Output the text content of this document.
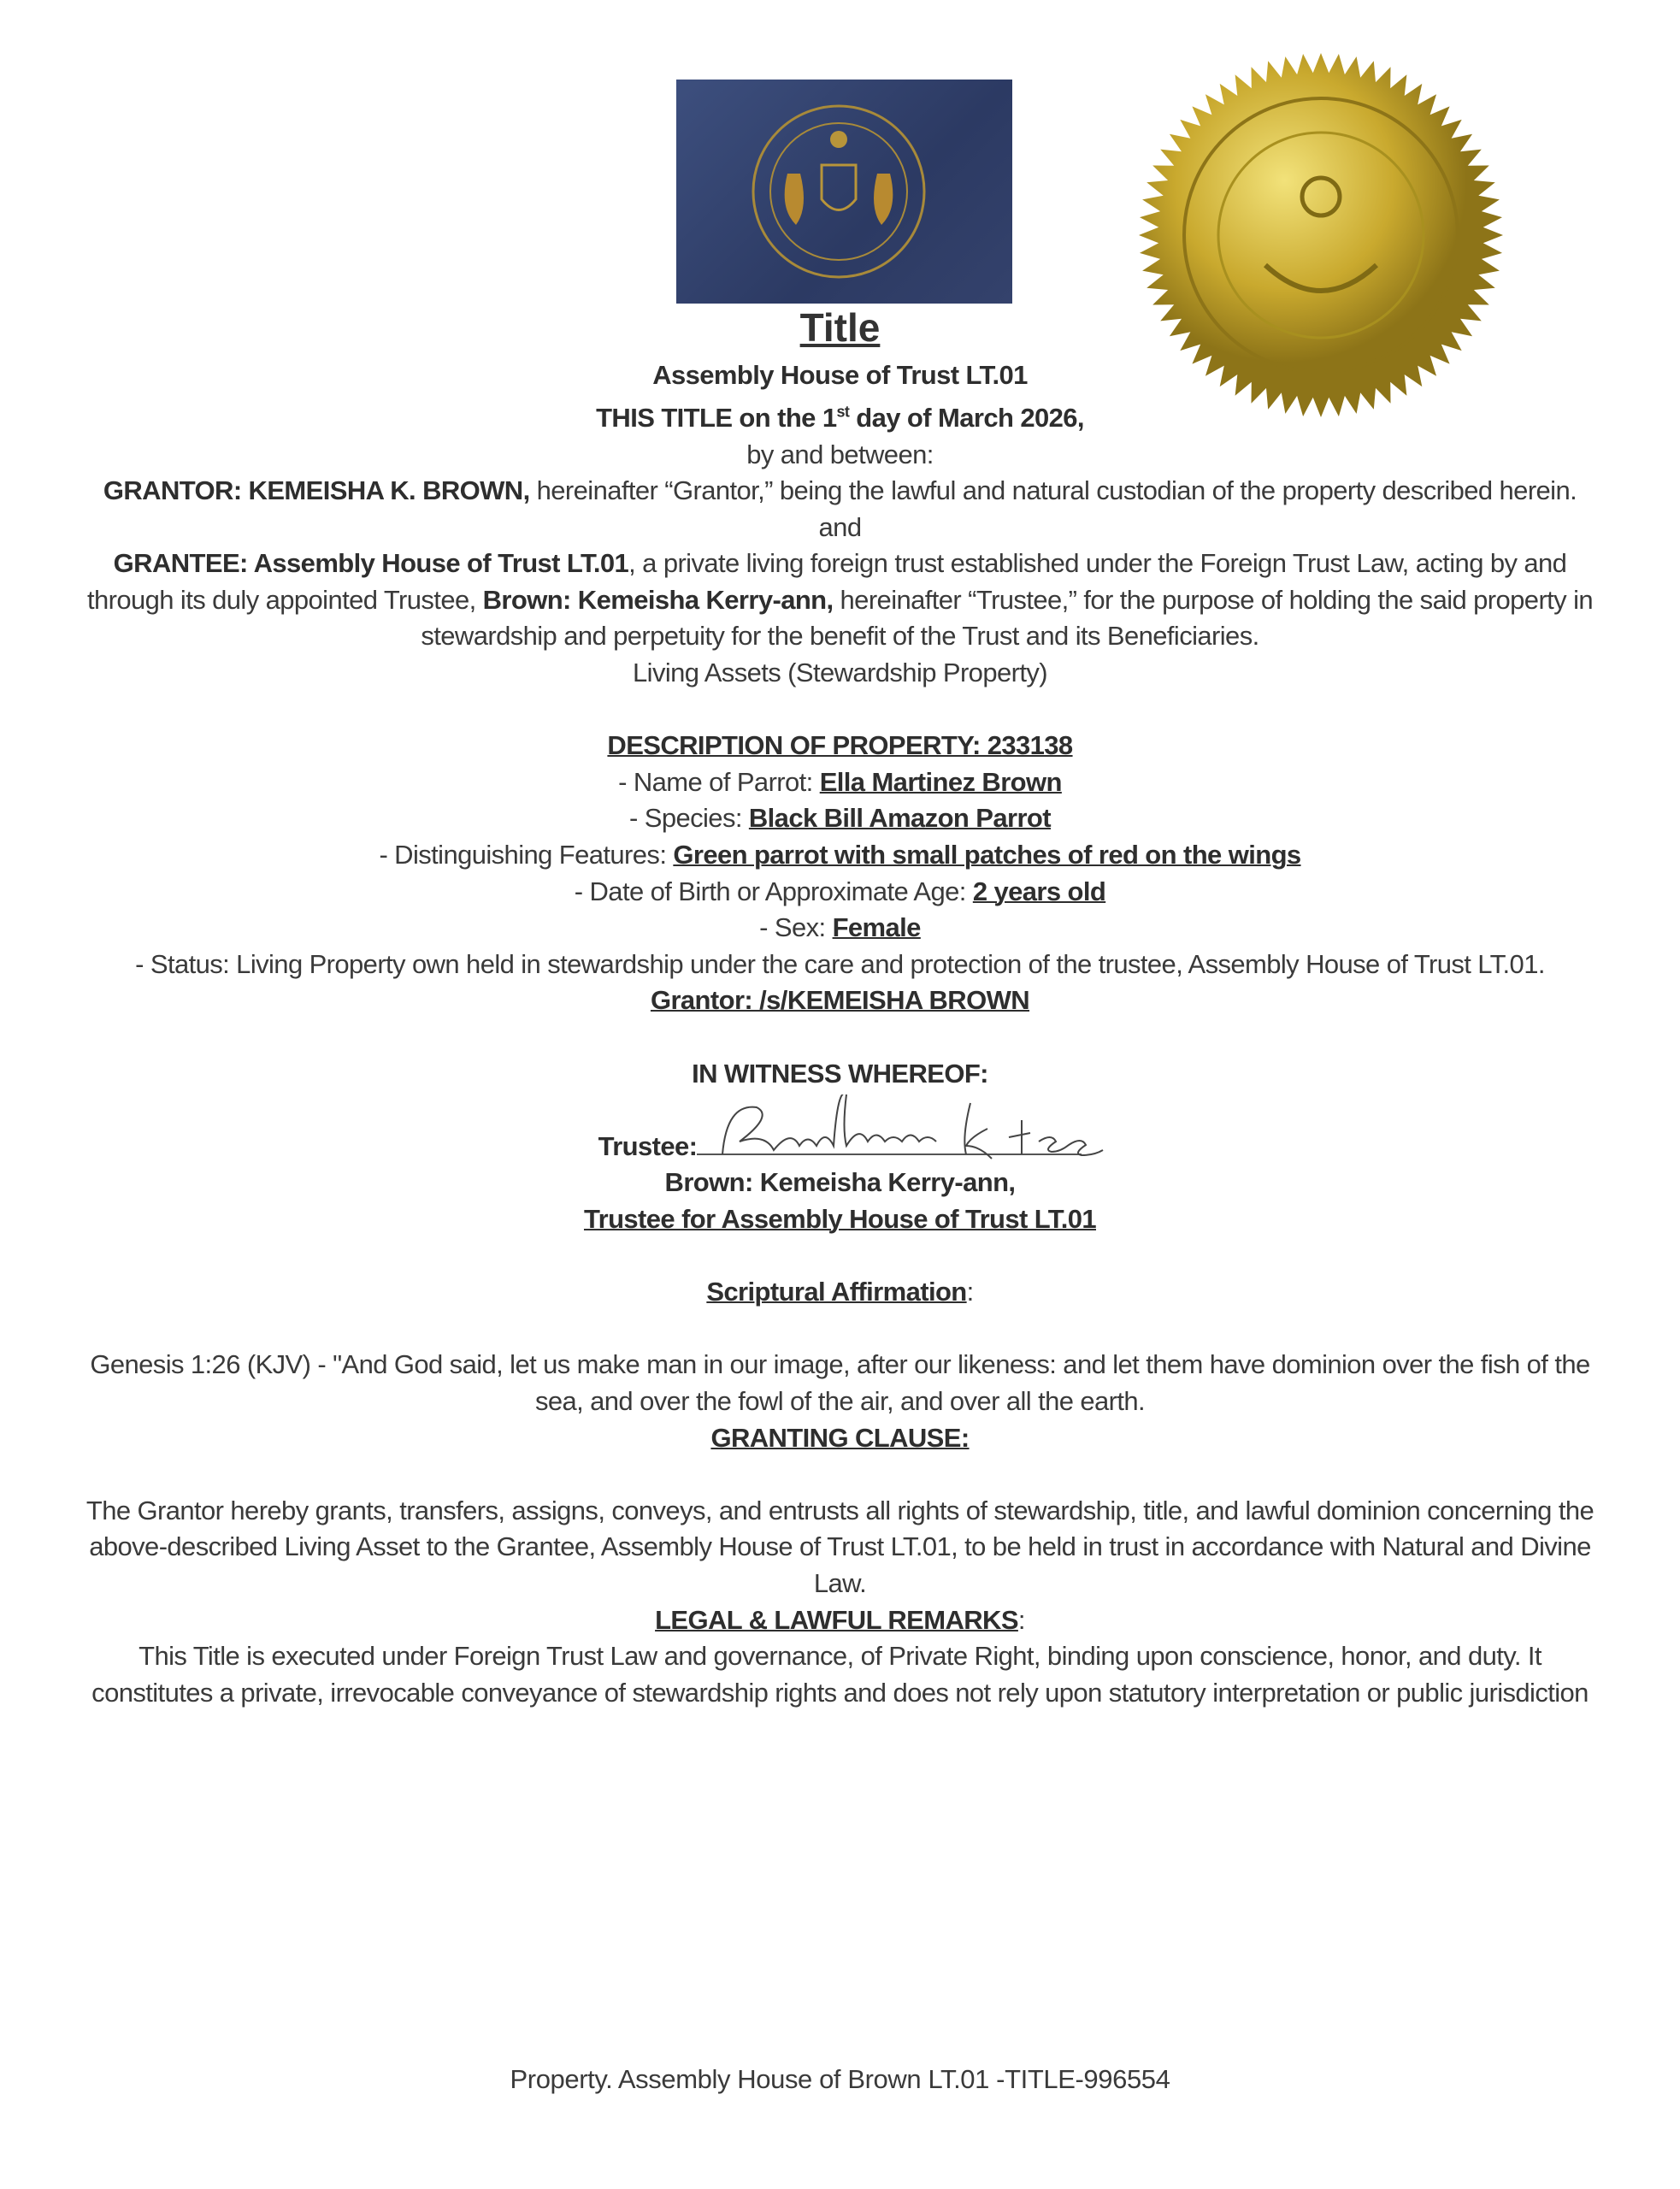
Title

Assembly House of Trust LT.01

THIS TITLE on the 1st day of March 2026,

by and between:

GRANTOR: KEMEISHA K. BROWN, hereinafter “Grantor,” being the lawful and natural custodian of the property described herein.

and

GRANTEE: Assembly House of Trust LT.01, a private living foreign trust established under the Foreign Trust Law, acting by and through its duly appointed Trustee, Brown: Kemeisha Kerry-ann, hereinafter “Trustee,” for the purpose of holding the said property in stewardship and perpetuity for the benefit of the Trust and its Beneficiaries.

Living Assets (Stewardship Property)

DESCRIPTION OF PROPERTY: 233138

- Name of Parrot: Ella Martinez Brown

- Species: Black Bill Amazon Parrot

- Distinguishing Features: Green parrot with small patches of red on the wings

- Date of Birth or Approximate Age: 2 years old

- Sex: Female

- Status: Living Property own held in stewardship under the care and protection of the trustee, Assembly House of Trust LT.01.

Grantor: /s/KEMEISHA BROWN

IN WITNESS WHEREOF:

Trustee:

Brown: Kemeisha Kerry-ann,

Trustee for Assembly House of Trust LT.01

Scriptural Affirmation:

Genesis 1:26 (KJV) - "And God said, let us make man in our image, after our likeness: and let them have dominion over the fish of the sea, and over the fowl of the air, and over all the earth.

GRANTING CLAUSE:

The Grantor hereby grants, transfers, assigns, conveys, and entrusts all rights of stewardship, title, and lawful dominion concerning the above-described Living Asset to the Grantee, Assembly House of Trust LT.01, to be held in trust in accordance with Natural and Divine Law.

LEGAL & LAWFUL REMARKS:

This Title is executed under Foreign Trust Law and governance, of Private Right, binding upon conscience, honor, and duty. It constitutes a private, irrevocable conveyance of stewardship rights and does not rely upon statutory interpretation or public jurisdiction

Property. Assembly House of Brown LT.01 -TITLE-996554
